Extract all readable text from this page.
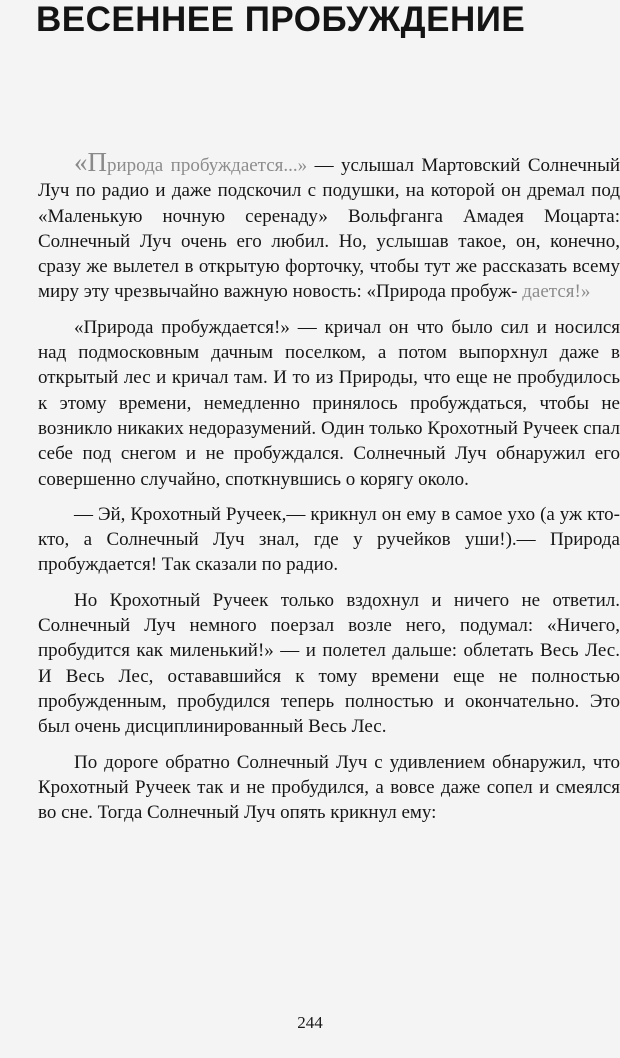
ВЕСЕННЕЕ ПРОБУЖДЕНИЕ

«Природа пробуждается...» — услышал Мартовский Солнечный Луч по радио и даже подскочил с подушки, на которой он дремал под «Маленькую ночную серенаду» Вольфганга Амадея Моцарта: Солнечный Луч очень его любил. Но, услышав такое, он, конечно, сразу же вылетел в открытую форточку, чтобы тут же рассказать всему миру эту чрезвычайно важную новость: «Природа пробуж- дается!»

«Природа пробуждается!» — кричал он что было сил и носился над подмосковным дачным поселком, а потом выпорхнул даже в открытый лес и кричал там. И то из Природы, что еще не пробудилось к этому времени, немедленно принялось пробуждаться, чтобы не возникло никаких недоразумений. Один только Крохотный Ручеек спал себе под снегом и не пробуждался. Солнечный Луч обнаружил его совершенно случайно, споткнувшись о корягу около.

— Эй, Крохотный Ручеек,— крикнул он ему в самое ухо (а уж кто-кто, а Солнечный Луч знал, где у ручейков уши!).— Природа пробуждается! Так сказали по радио.

Но Крохотный Ручеек только вздохнул и ничего не ответил. Солнечный Луч немного поерзал возле него, подумал: «Ничего, пробудится как миленький!» — и полетел дальше: облетать Весь Лес. И Весь Лес, остававшийся к тому времени еще не полностью пробужденным, пробудился теперь полностью и окончательно. Это был очень дисциплинированный Весь Лес.

По дороге обратно Солнечный Луч с удивлением обнаружил, что Крохотный Ручеек так и не пробудился, а вовсе даже сопел и смеялся во сне. Тогда Солнечный Луч опять крикнул ему:

244
